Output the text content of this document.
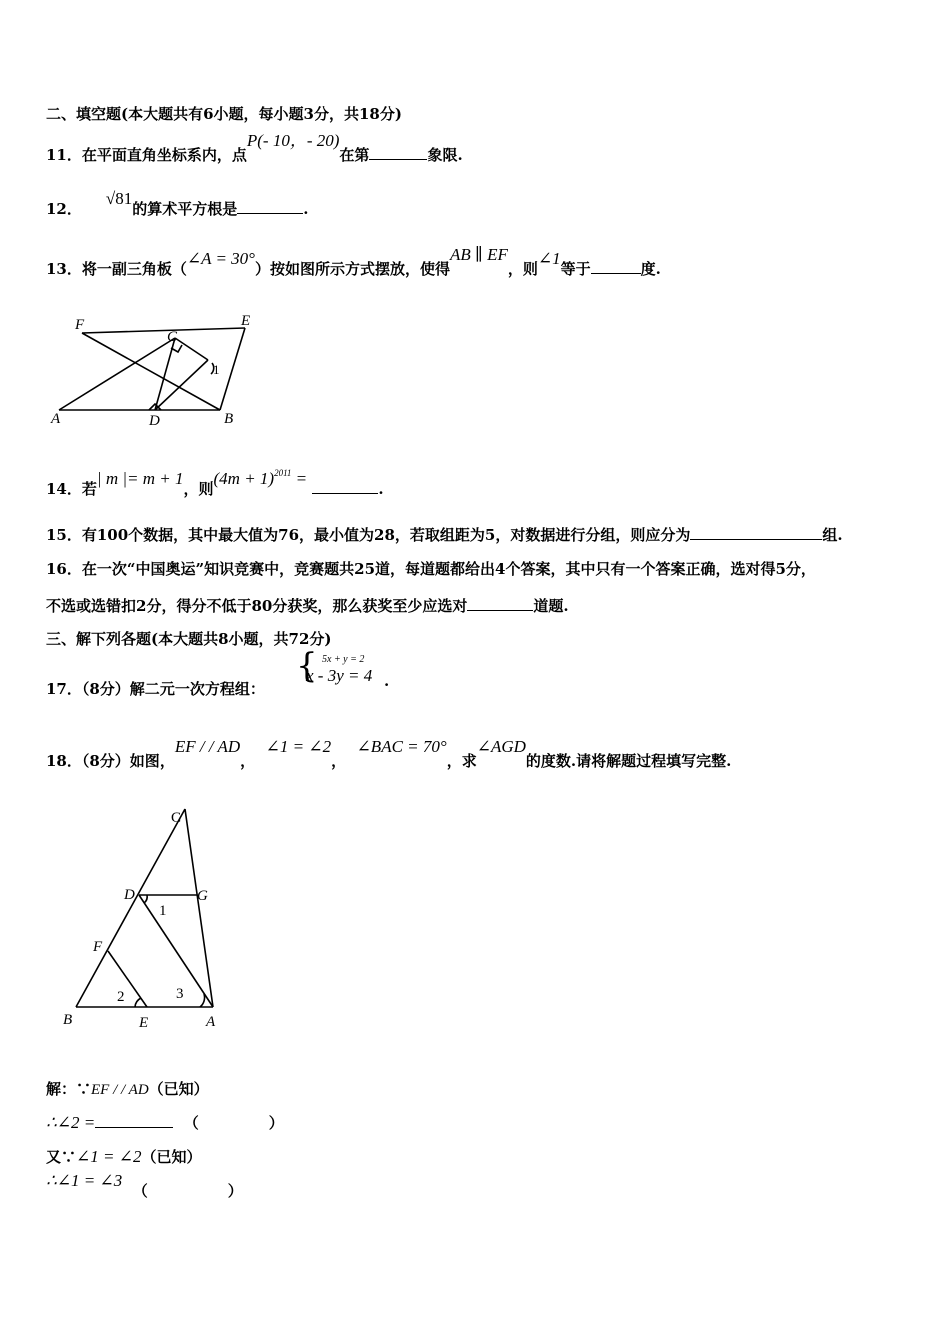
二、填空题(本大题共有6小题，每小题3分，共18分)
11．在平面直角坐标系内，点P(- 10，- 20)在第	象限.
12．√81的算术平方根是	.
13．将一副三角板（∠A = 30°）按如图所示方式摆放，使得AB ∥ EF，则∠1等于	度.
F	E
C
1
A	D	B
14．若| m |= m + 1，则$(4m + 1)^{2011}$ = .
15．有100个数据，其中最大值为76，最小值为28，若取组距为5，对数据进行分组，则应分为	组.
16．在一次“中国奥运”知识竞赛中，竞赛题共25道，每道题都给出4个答案，其中只有一个答案正确，选对得5分，
不选或选错扣2分，得分不低于80分获奖，那么获奖至少应选对	道题.
三、解下列各题(本大题共8小题，共72分)
17．（8分）解二元一次方程组：
{ 5x + y = 2
x - 3y = 4 .
18．（8分）如图，EF / / AD，  ∠1 = ∠2，  ∠BAC = 70°，求∠AGD的度数.请将解题过程填写完整.
C
D	G
1
F
2	3
B	E	A
解：∵EF / / AD（已知）
∴∠2 =	（	）
又∵∠1 = ∠2（已知）
∴∠1 = ∠3  （	）
